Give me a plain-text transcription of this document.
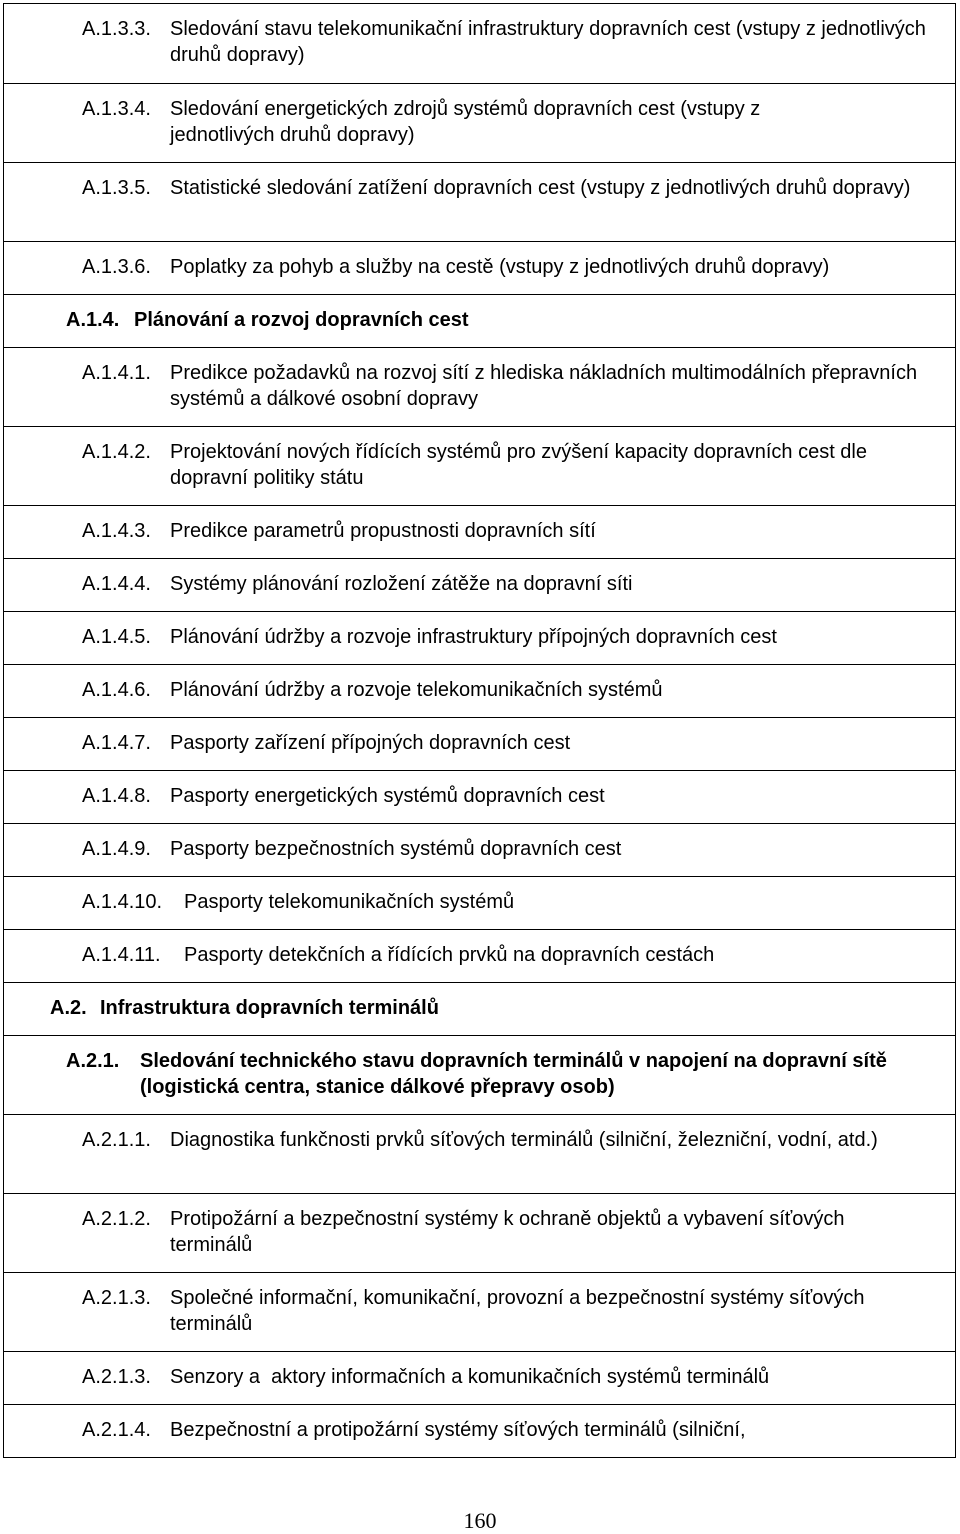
A.1.3.3. Sledování stavu telekomunikační infrastruktury dopravních cest (vstupy z jednotlivých druhů dopravy)
A.1.3.4. Sledování energetických zdrojů systémů dopravních cest (vstupy z jednotlivých druhů dopravy)
A.1.3.5. Statistické sledování zatížení dopravních cest (vstupy z jednotlivých druhů dopravy)
A.1.3.6. Poplatky za pohyb a služby na cestě (vstupy z jednotlivých druhů dopravy)
A.1.4. Plánování a rozvoj dopravních cest
A.1.4.1. Predikce požadavků na rozvoj sítí z hlediska nákladních multimodálních přepravních systémů a dálkové osobní dopravy
A.1.4.2. Projektování nových řídících systémů pro zvýšení kapacity dopravních cest dle dopravní politiky státu
A.1.4.3. Predikce parametrů propustnosti dopravních sítí
A.1.4.4. Systémy plánování rozložení zátěže na dopravní síti
A.1.4.5. Plánování údržby a rozvoje infrastruktury přípojných dopravních cest
A.1.4.6. Plánování údržby a rozvoje telekomunikačních systémů
A.1.4.7. Pasporty zařízení přípojných dopravních cest
A.1.4.8. Pasporty energetických systémů dopravních cest
A.1.4.9. Pasporty bezpečnostních systémů dopravních cest
A.1.4.10. Pasporty telekomunikačních systémů
A.1.4.11. Pasporty detekčních a řídících prvků na dopravních cestách
A.2. Infrastruktura dopravních terminálů
A.2.1. Sledování technického stavu dopravních terminálů v napojení na dopravní sítě (logistická centra, stanice dálkové přepravy osob)
A.2.1.1. Diagnostika funkčnosti prvků síťových terminálů (silniční, železniční, vodní, atd.)
A.2.1.2. Protipožární a bezpečnostní systémy k ochraně objektů a vybavení síťových terminálů
A.2.1.3. Společné informační, komunikační, provozní a bezpečnostní systémy síťových terminálů
A.2.1.3. Senzory a  aktory informačních a komunikačních systémů terminálů
A.2.1.4. Bezpečnostní a protipožární systémy síťových terminálů (silniční,
160
